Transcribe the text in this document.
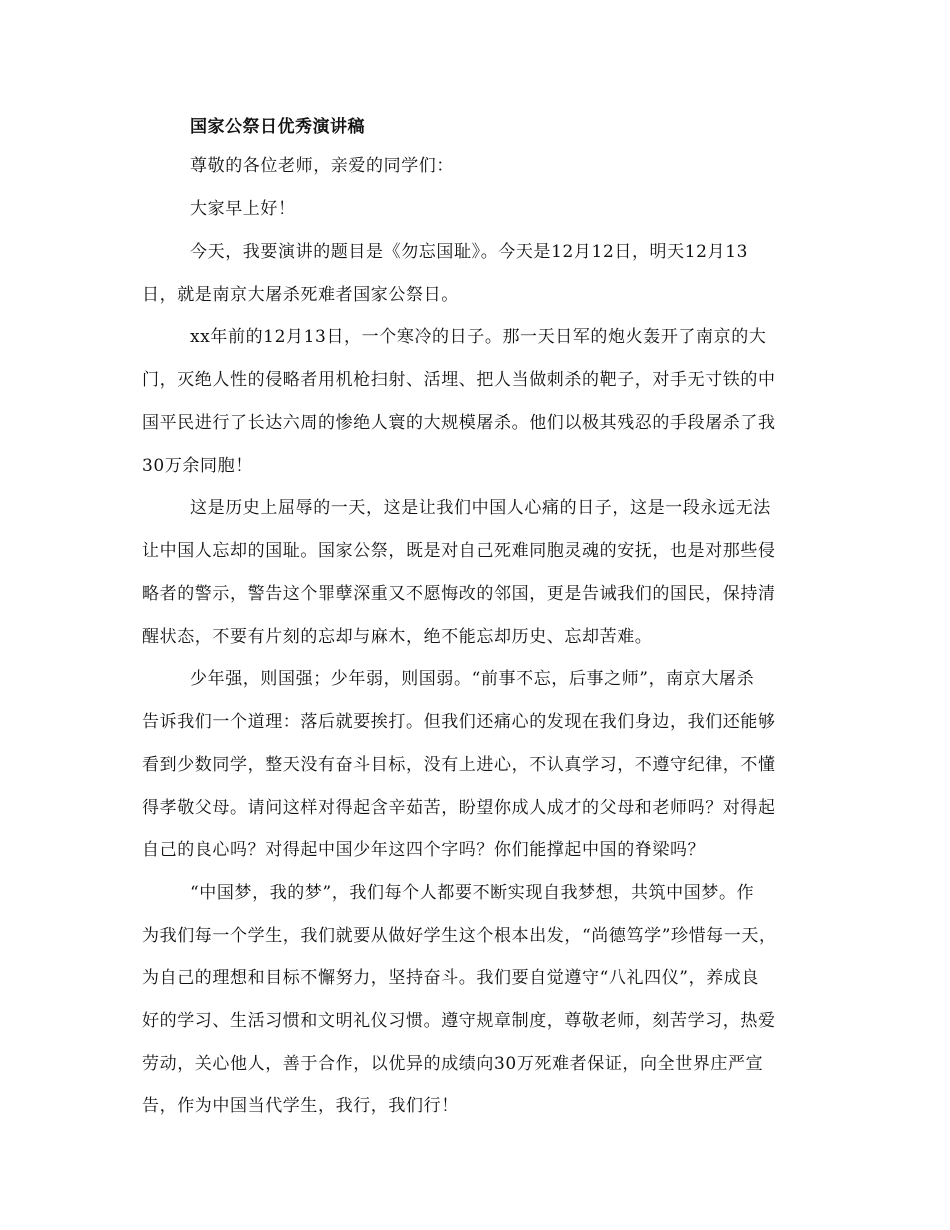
国家公祭日优秀演讲稿
尊敬的各位老师，亲爱的同学们：
大家早上好！
今天，我要演讲的题目是《勿忘国耻》。今天是12月12日，明天12月13
日，就是南京大屠杀死难者国家公祭日。
xx年前的12月13日，一个寒冷的日子。那一天日军的炮火轰开了南京的大
门，灭绝人性的侵略者用机枪扫射、活埋、把人当做刺杀的靶子，对手无寸铁的中
国平民进行了长达六周的惨绝人寰的大规模屠杀。他们以极其残忍的手段屠杀了我
30万余同胞！
这是历史上屈辱的一天，这是让我们中国人心痛的日子，这是一段永远无法
让中国人忘却的国耻。国家公祭，既是对自己死难同胞灵魂的安抚，也是对那些侵
略者的警示，警告这个罪孽深重又不愿悔改的邻国，更是告诫我们的国民，保持清
醒状态，不要有片刻的忘却与麻木，绝不能忘却历史、忘却苦难。
少年强，则国强；少年弱，则国弱。“前事不忘，后事之师”，南京大屠杀
告诉我们一个道理：落后就要挨打。但我们还痛心的发现在我们身边，我们还能够
看到少数同学，整天没有奋斗目标，没有上进心，不认真学习，不遵守纪律，不懂
得孝敬父母。请问这样对得起含辛茹苦，盼望你成人成才的父母和老师吗？对得起
自己的良心吗？对得起中国少年这四个字吗？你们能撑起中国的脊梁吗？
“中国梦，我的梦”，我们每个人都要不断实现自我梦想，共筑中国梦。作
为我们每一个学生，我们就要从做好学生这个根本出发，“尚德笃学”珍惜每一天，
为自己的理想和目标不懈努力，坚持奋斗。我们要自觉遵守“八礼四仪”，养成良
好的学习、生活习惯和文明礼仪习惯。遵守规章制度，尊敬老师，刻苦学习，热爱
劳动，关心他人，善于合作，以优异的成绩向30万死难者保证，向全世界庄严宣
告，作为中国当代学生，我行，我们行！
